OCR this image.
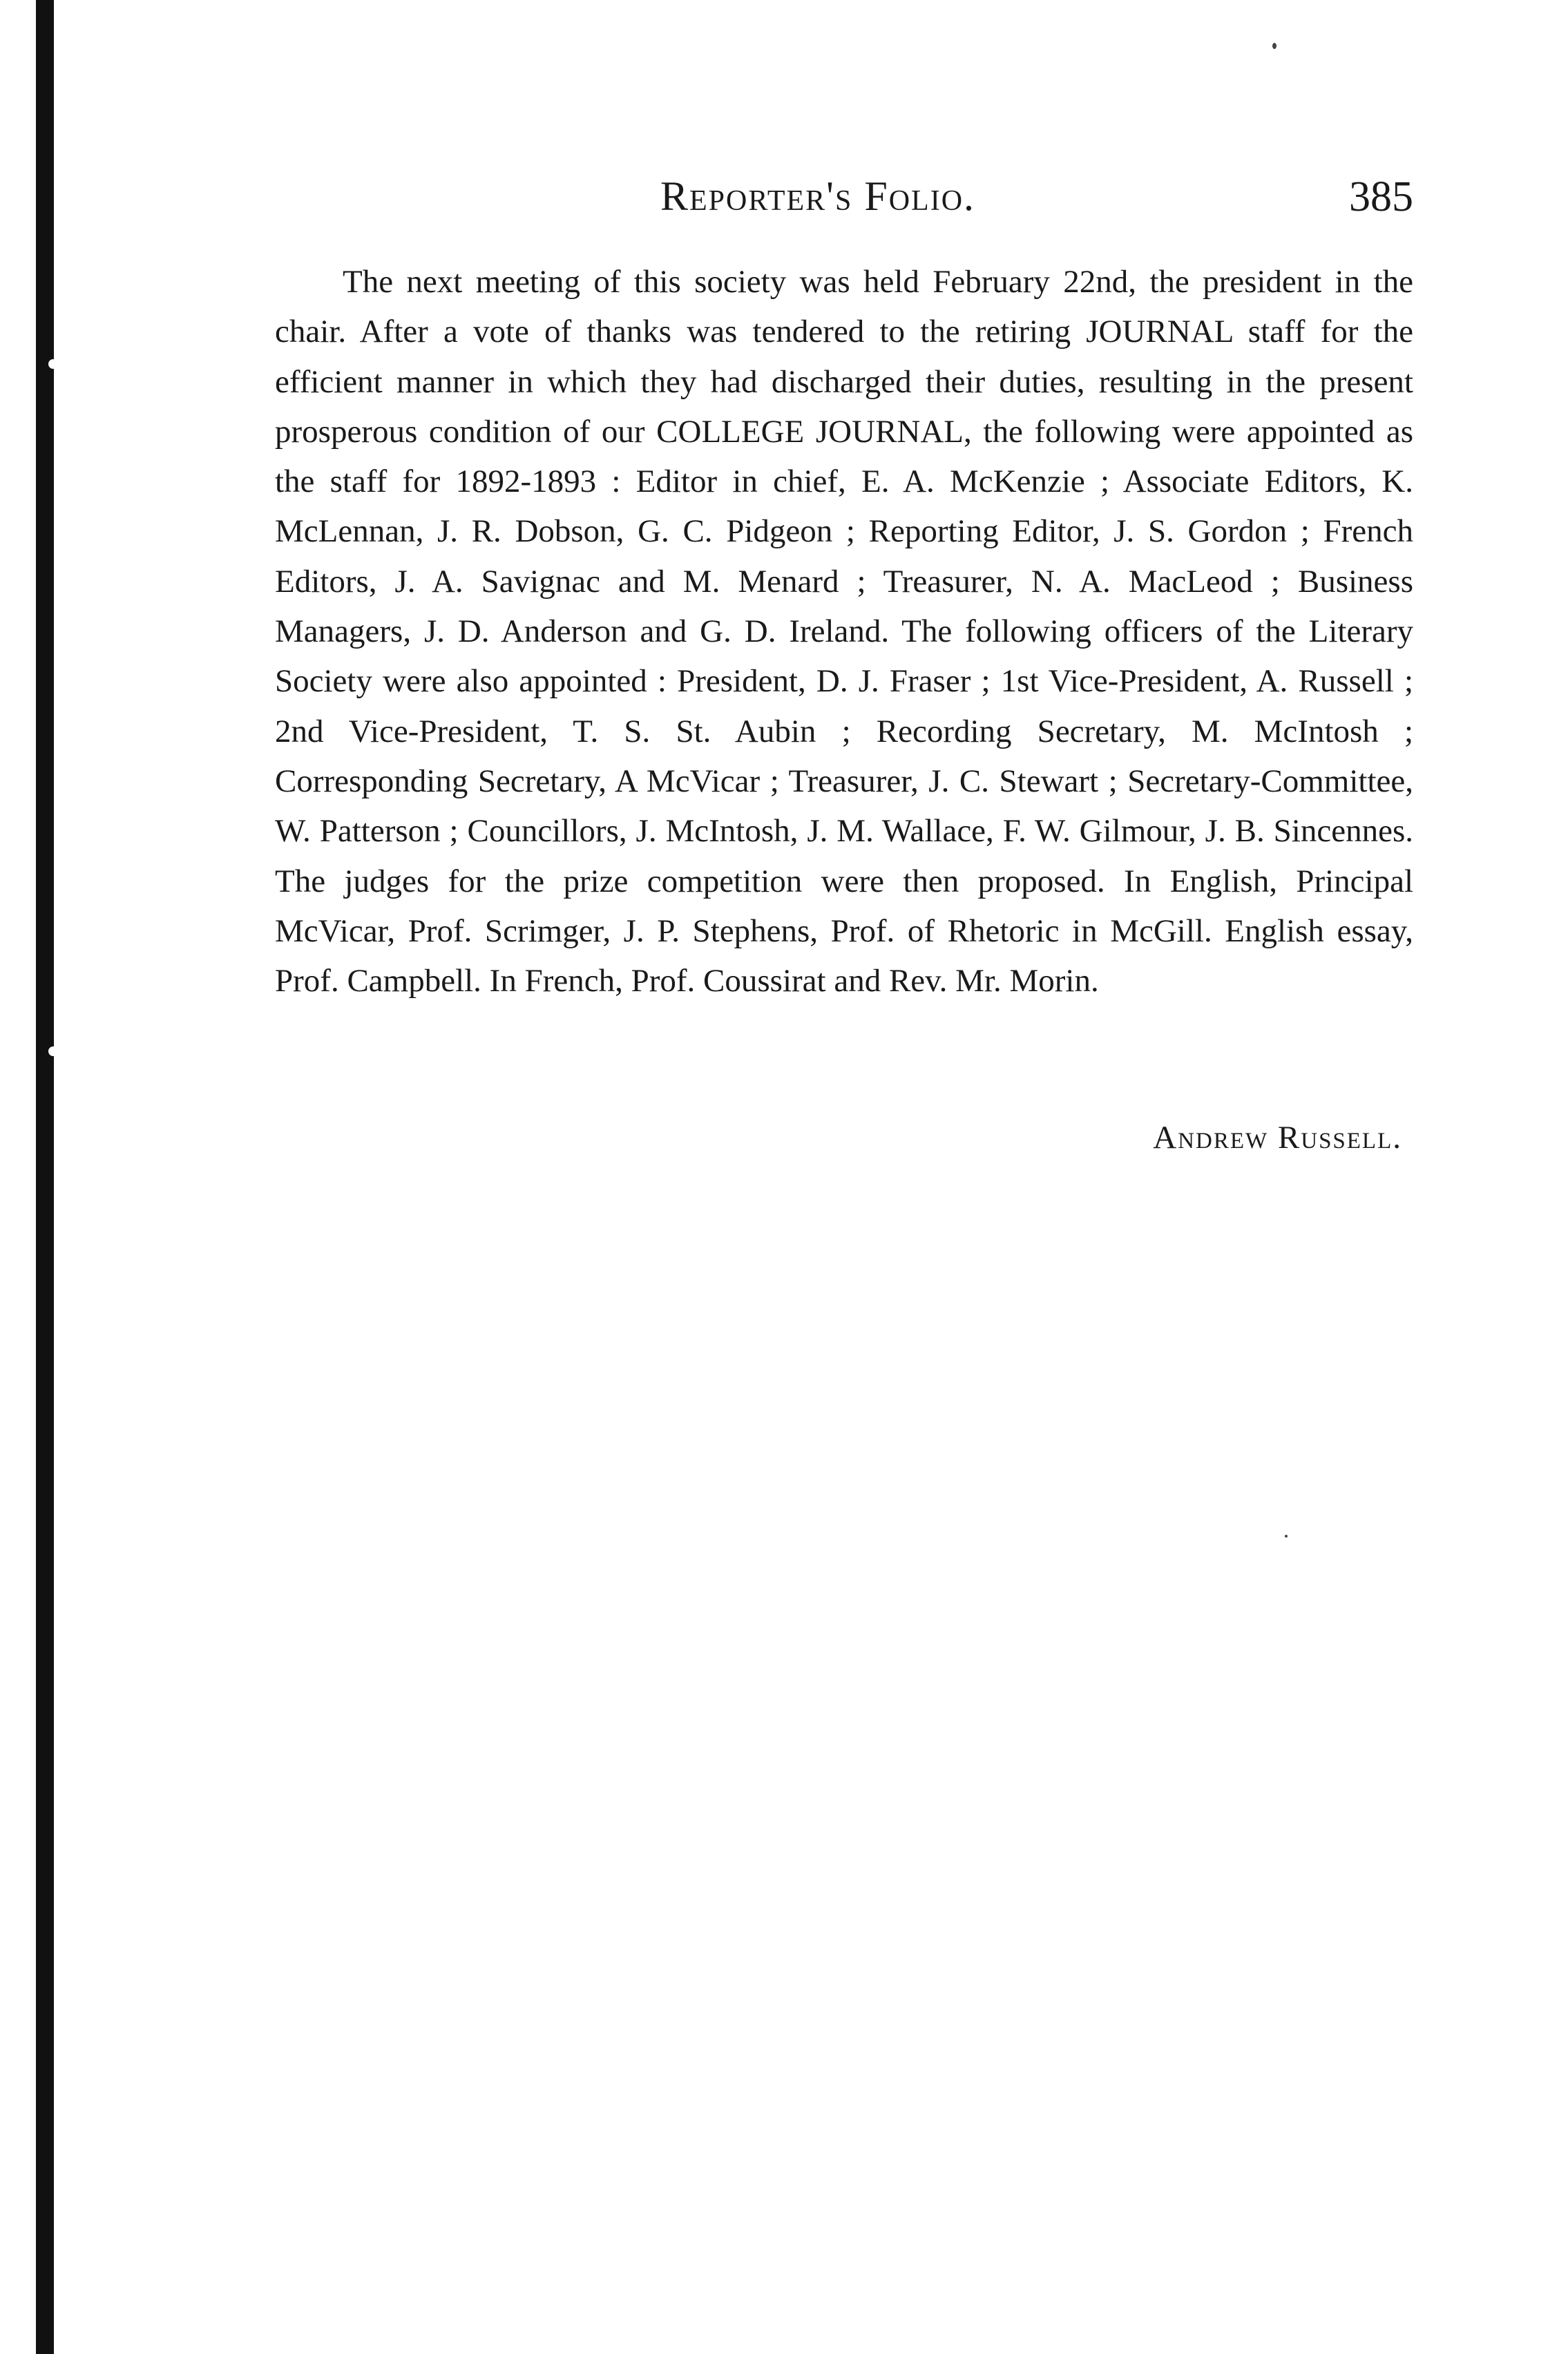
Reporter's Folio.	385

The next meeting of this society was held February 22nd, the president in the chair. After a vote of thanks was tendered to the retiring JOURNAL staff for the efficient manner in which they had discharged their duties, resulting in the present prosperous condition of our COLLEGE JOURNAL, the following were appointed as the staff for 1892-1893 : Editor in chief, E. A. McKenzie ; Associate Editors, K. McLennan, J. R. Dobson, G. C. Pidgeon ; Reporting Editor, J. S. Gordon ; French Editors, J. A. Savignac and M. Menard ; Treasurer, N. A. MacLeod ; Business Managers, J. D. Anderson and G. D. Ireland. The following officers of the Literary Society were also appointed : President, D. J. Fraser ; 1st Vice-President, A. Russell ; 2nd Vice-President, T. S. St. Aubin ; Recording Secretary, M. McIntosh ; Corresponding Secretary, A McVicar ; Treasurer, J. C. Stewart ; Secretary-Committee, W. Patterson ; Councillors, J. McIntosh, J. M. Wallace, F. W. Gilmour, J. B. Sincennes. The judges for the prize competition were then proposed. In English, Principal McVicar, Prof. Scrimger, J. P. Stephens, Prof. of Rhetoric in McGill. English essay, Prof. Campbell. In French, Prof. Coussirat and Rev. Mr. Morin.

Andrew Russell.
